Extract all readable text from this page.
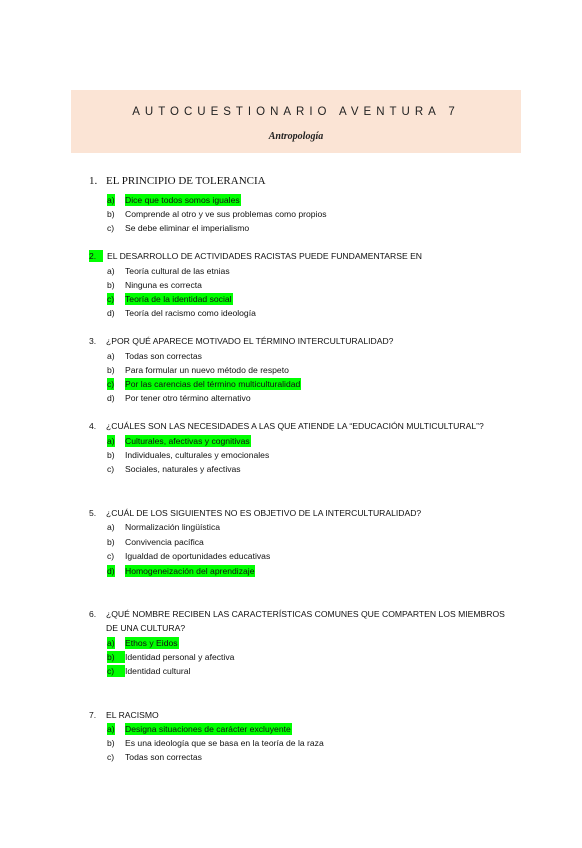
AUTOCUESTIONARIO AVENTURA 7
Antropología
1. EL PRINCIPIO DE TOLERANCIA
a) Dice que todos somos iguales
b) Comprende al otro y ve sus problemas como propios
c) Se debe eliminar el imperialismo
2.	EL DESARROLLO DE ACTIVIDADES RACISTAS PUEDE FUNDAMENTARSE EN
a) Teoría cultural de las etnias
b) Ninguna es correcta
c) Teoría de la identidad social
d) Teoría del racismo como ideología
3. ¿POR QUÉ APARECE MOTIVADO EL TÉRMINO INTERCULTURALIDAD?
a) Todas son correctas
b) Para formular un nuevo método de respeto
c) Por las carencias del término multiculturalidad
d) Por tener otro término alternativo
4. ¿CUÁLES SON LAS NECESIDADES A LAS QUE ATIENDE LA “EDUCACIÓN MULTICULTURAL”?
a) Culturales, afectivas y cognitivas
b) Individuales, culturales y emocionales
c) Sociales, naturales y afectivas
5. ¿CUÁL DE LOS SIGUIENTES NO ES OBJETIVO DE LA INTERCULTURALIDAD?
a) Normalización lingüística
b) Convivencia pacífica
c) Igualdad de oportunidades educativas
d) Homogeneización del aprendizaje
6. ¿QUÉ NOMBRE RECIBEN LAS CARACTERÍSTICAS COMUNES QUE COMPARTEN LOS MIEMBROS
DE UNA CULTURA?
a) Ethos y Eidos
b)	Identidad personal y afectiva
c)	Identidad cultural
7. EL RACISMO
a) Designa situaciones de carácter excluyente
b) Es una ideología que se basa en la teoría de la raza
c) Todas son correctas
